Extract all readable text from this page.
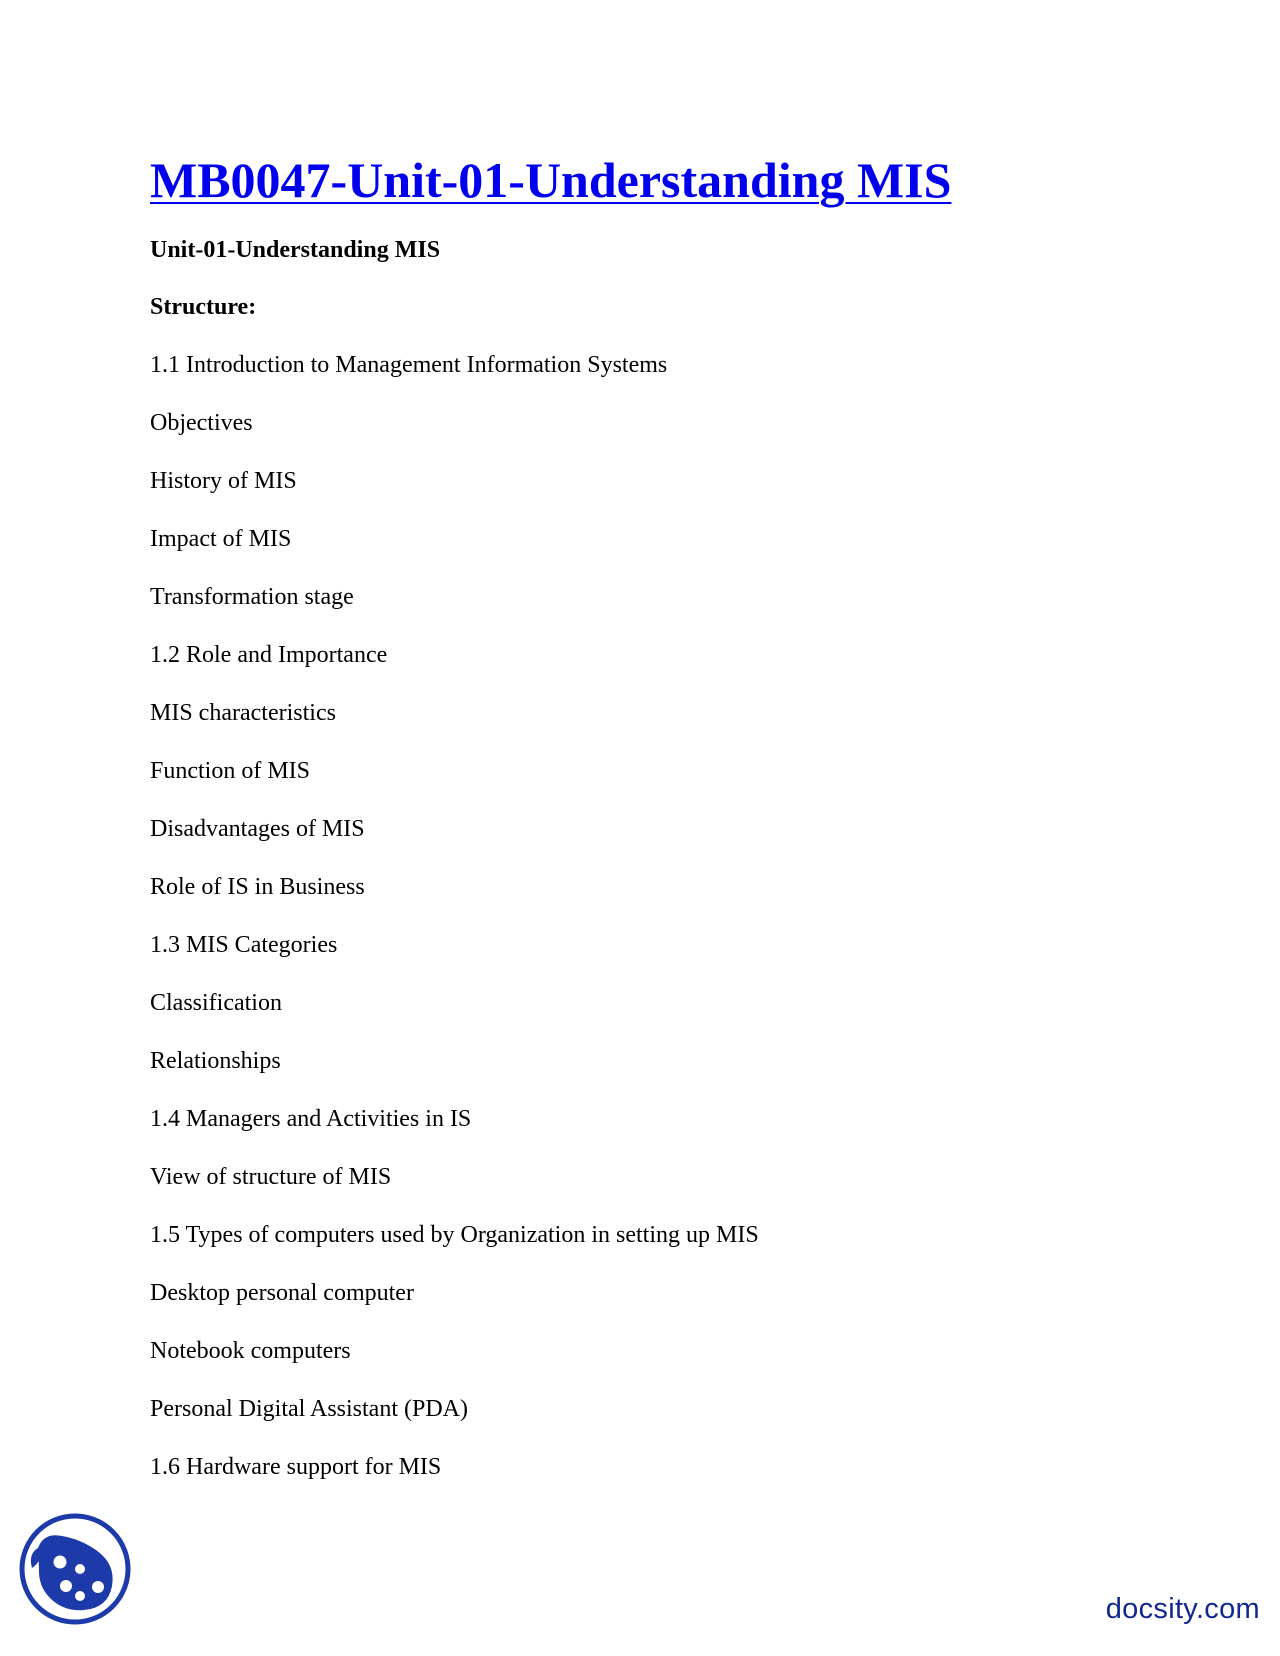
MB0047-Unit-01-Understanding MIS
Unit-01-Understanding MIS
Structure:
1.1 Introduction to Management Information Systems
Objectives
History of MIS
Impact of MIS
Transformation stage
1.2 Role and Importance
MIS characteristics
Function of MIS
Disadvantages of MIS
Role of IS in Business
1.3 MIS Categories
Classification
Relationships
1.4 Managers and Activities in IS
View of structure of MIS
1.5 Types of computers used by Organization in setting up MIS
Desktop personal computer
Notebook computers
Personal Digital Assistant (PDA)
1.6 Hardware support for MIS
docsity.com
